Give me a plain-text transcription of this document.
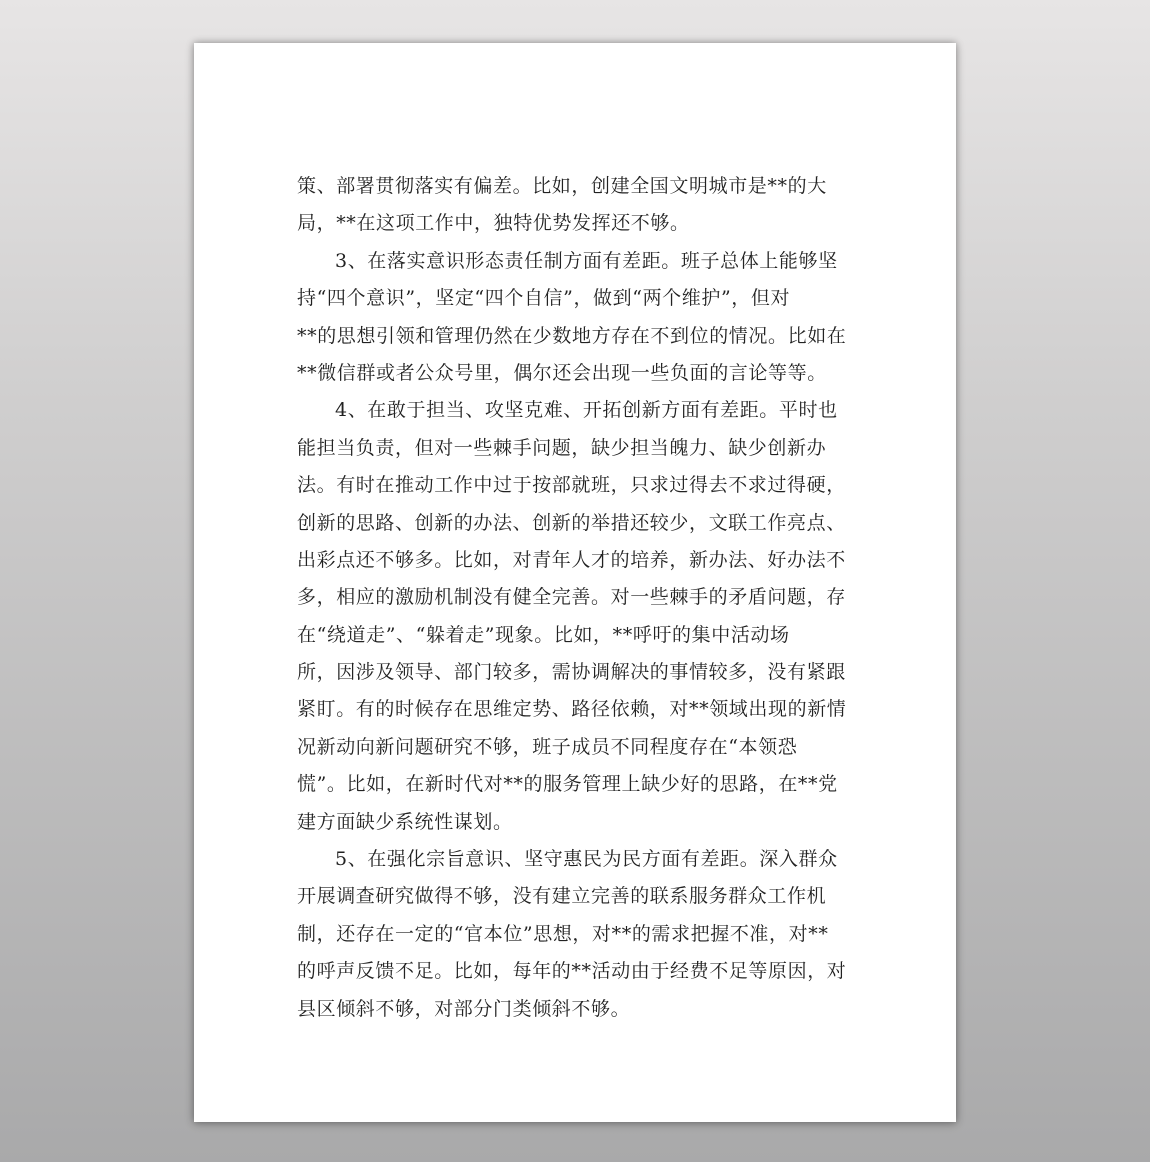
策、部署贯彻落实有偏差。比如，创建全国文明城市是**的大
局，**在这项工作中，独特优势发挥还不够。
3、在落实意识形态责任制方面有差距。班子总体上能够坚
持“四个意识”，坚定“四个自信”，做到“两个维护”，但对
**的思想引领和管理仍然在少数地方存在不到位的情况。比如在
**微信群或者公众号里，偶尔还会出现一些负面的言论等等。
4、在敢于担当、攻坚克难、开拓创新方面有差距。平时也
能担当负责，但对一些棘手问题，缺少担当魄力、缺少创新办
法。有时在推动工作中过于按部就班，只求过得去不求过得硬，
创新的思路、创新的办法、创新的举措还较少，文联工作亮点、
出彩点还不够多。比如，对青年人才的培养，新办法、好办法不
多，相应的激励机制没有健全完善。对一些棘手的矛盾问题，存
在“绕道走”、“躲着走”现象。比如，**呼吁的集中活动场
所，因涉及领导、部门较多，需协调解决的事情较多，没有紧跟
紧盯。有的时候存在思维定势、路径依赖，对**领域出现的新情
况新动向新问题研究不够，班子成员不同程度存在“本领恐
慌”。比如，在新时代对**的服务管理上缺少好的思路，在**党
建方面缺少系统性谋划。
5、在强化宗旨意识、坚守惠民为民方面有差距。深入群众
开展调查研究做得不够，没有建立完善的联系服务群众工作机
制，还存在一定的“官本位”思想，对**的需求把握不准，对**
的呼声反馈不足。比如，每年的**活动由于经费不足等原因，对
县区倾斜不够，对部分门类倾斜不够。
